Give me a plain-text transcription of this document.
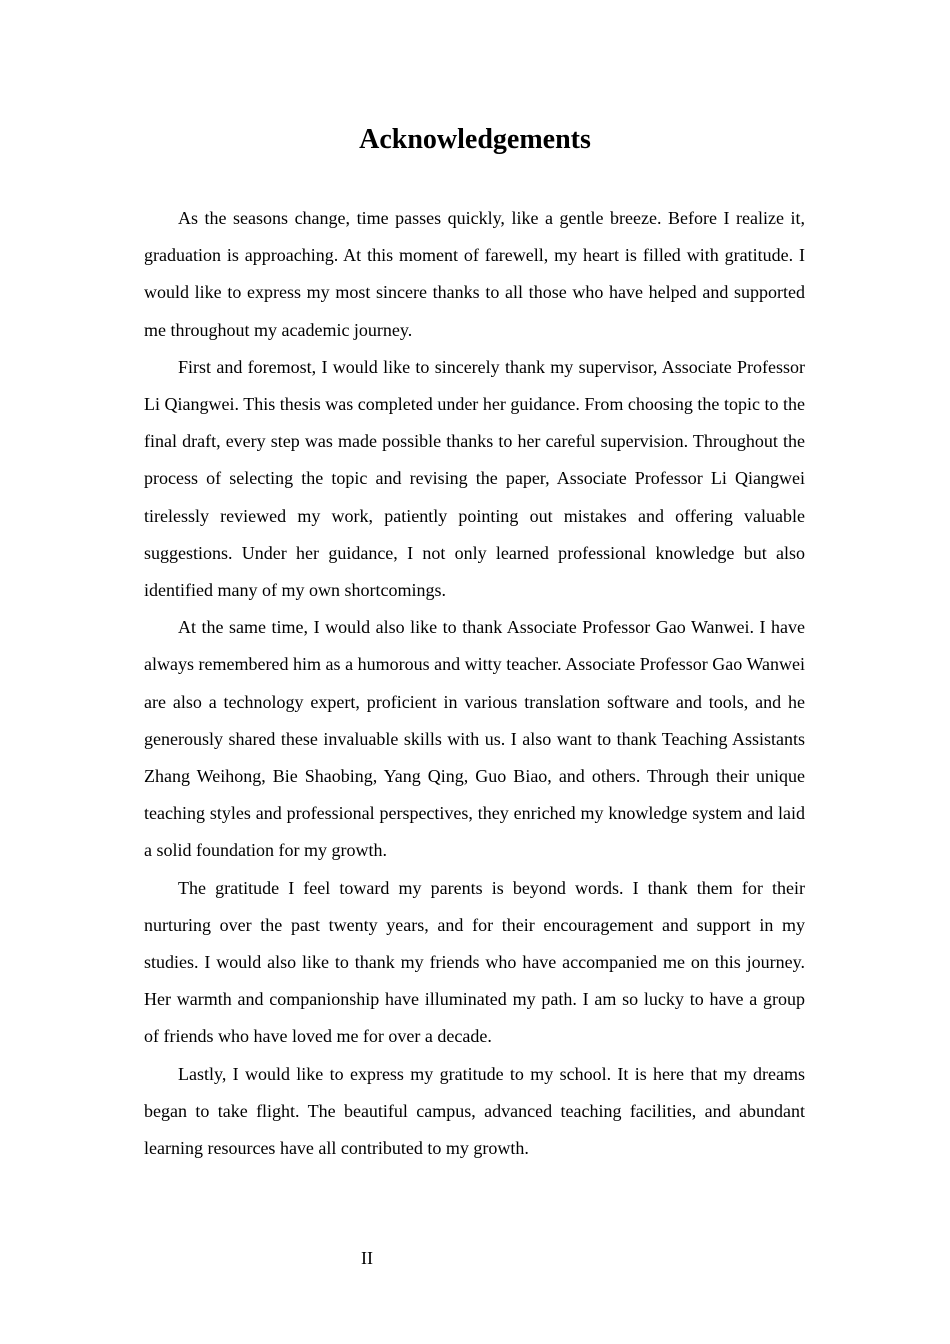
Acknowledgements

As the seasons change, time passes quickly, like a gentle breeze. Before I realize it, graduation is approaching. At this moment of farewell, my heart is filled with gratitude. I would like to express my most sincere thanks to all those who have helped and supported me throughout my academic journey.

First and foremost, I would like to sincerely thank my supervisor, Associate Professor Li Qiangwei. This thesis was completed under her guidance. From choosing the topic to the final draft, every step was made possible thanks to her careful supervision. Throughout the process of selecting the topic and revising the paper, Associate Professor Li Qiangwei tirelessly reviewed my work, patiently pointing out mistakes and offering valuable suggestions. Under her guidance, I not only learned professional knowledge but also identified many of my own shortcomings.

At the same time, I would also like to thank Associate Professor Gao Wanwei. I have always remembered him as a humorous and witty teacher. Associate Professor Gao Wanwei are also a technology expert, proficient in various translation software and tools, and he generously shared these invaluable skills with us. I also want to thank Teaching Assistants Zhang Weihong, Bie Shaobing, Yang Qing, Guo Biao, and others. Through their unique teaching styles and professional perspectives, they enriched my knowledge system and laid a solid foundation for my growth.

The gratitude I feel toward my parents is beyond words. I thank them for their nurturing over the past twenty years, and for their encouragement and support in my studies. I would also like to thank my friends who have accompanied me on this journey. Her warmth and companionship have illuminated my path. I am so lucky to have a group of friends who have loved me for over a decade.

Lastly, I would like to express my gratitude to my school. It is here that my dreams began to take flight. The beautiful campus, advanced teaching facilities, and abundant learning resources have all contributed to my growth.

II
